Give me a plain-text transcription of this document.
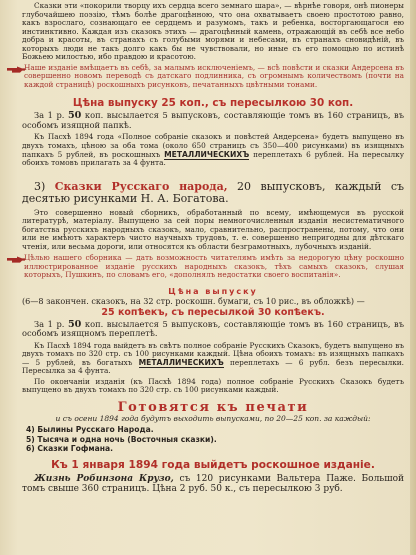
Сказки эти «покорили творцу ихъ сердца всего земнаго шара», — вѣрнѣе говоря, онѣ пионеры глубочайшею поэзію, тѣмъ болѣе драгоцѣнною, что она охватываетъ своею простотою равно, какъ взрослаго, сознающаго ее сердцемъ и разумомъ, такъ и ребенка, восторгающагося ею инстинктивно. Каждая изъ сказокъ этихъ — драгоцѣнный камень, отражающій въ себѣ все небо добра и красоты, въ странахъ съ голубыми морями и небесами, въ странахъ сновидѣній, въ которыхъ люди не такъ долго какъ бы не чувствовали, но иные съ его помощью по истинѣ Божьею милостью, ибо правдою и красотою.

Наше изданіе вмѣщаетъ въ себѣ, за малымъ исключеніемъ, — всѣ повѣсти и сказки Андерсена въ совершенно новомъ переводѣ съ датскаго подлинника, съ огромнымъ количествомъ (почти на каждой страницѣ) роскошныхъ рисунковъ, печатанныхъ цвѣтными тонами.

Цѣна выпуску 25 коп., съ пересылкою 30 коп.

За 1 р. 50 коп. высылается 5 выпусковъ, составляющіе томъ въ 160 страницъ, въ особомъ изящной папкѣ.

Къ Пасхѣ 1894 года «Полное собраніе сказокъ и повѣстей Андерсена» будетъ выпущено въ двухъ томахъ, цѣною за оба тома (около 650 страницъ съ 350—400 рисунками) въ изящныхъ папкахъ 5 рублей, въ роскошныхъ МЕТАЛЛИЧЕСКИХЪ переплетахъ 6 рублей. На пересылку обоихъ томовъ прилагать за 4 фунта.

3) Сказки Русскаго народа, 20 выпусковъ, каждый съ десятью рисунками Н. А. Богатова.

Это совершенно новый сборникъ, обработанный по всему, имѣющемуся въ русской литературѣ, матеріалу. Выпущено за сей поры немногочисленныя изданія несистематичного богатства русскихъ народныхъ сказокъ, мало, сравнительно, распространены, потому, что они или не имѣютъ характеръ чисто научныхъ трудовъ, т. е. совершенно непригодны для дѣтскаго чтенія, или весьма дороги, или относятся къ области безграмотныхъ, лубочныхъ изданій.

Цѣлью нашего сборника — дать возможность читателямъ имѣть за недорогую цѣну роскошно иллюстрированное изданіе русскихъ народныхъ сказокъ, тѣхъ самыхъ сказокъ, слушая которыхъ, Пушкинъ, по словамъ его, «дополнялъ недостатки своего воспитанія».

Цѣна выпуску

(6—8 закончен. сказокъ, на 32 стр. роскошн. бумаги, съ 10 рис., въ обложкѣ) —

25 копѣекъ, съ пересылкой 30 копѣекъ.

За 1 р. 50 коп. высылается 5 выпусковъ, составляющіе томъ въ 160 страницъ, въ особомъ изящномъ переплетѣ.

Къ Пасхѣ 1894 года выйдетъ въ свѣтъ полное собраніе Русскихъ Сказокъ, будетъ выпущено въ двухъ томахъ по 320 стр. съ 100 рисунками каждый. Цѣна обоихъ томахъ: въ изящныхъ папкахъ — 5 рублей, въ богатыхъ МЕТАЛЛИЧЕСКИХЪ переплетахъ — 6 рубл. безъ пересылки. Пересылка за 4 фунта.

По окончаніи изданія (къ Пасхѣ 1894 года) полное собраніе Русскихъ Сказокъ будетъ выпущено въ двухъ томахъ по 320 стр. съ 100 рисунками каждый.

Готовятся къ печати

и съ осени 1894 года будутъ выходить выпусками, по 20—25 коп. за каждый:

4) Былины Русскаго Народа.

5) Тысяча и одна ночь (Восточныя сказки).

6) Сказки Гофмана.

Къ 1 января 1894 года выйдетъ роскошное изданіе.

Жизнь Робинзона Крузо, съ 120 рисунками Вальтера Паже. Большой томъ свыше 360 страницъ. Цѣна 2 руб. 50 к., съ пересылкою 3 руб.
